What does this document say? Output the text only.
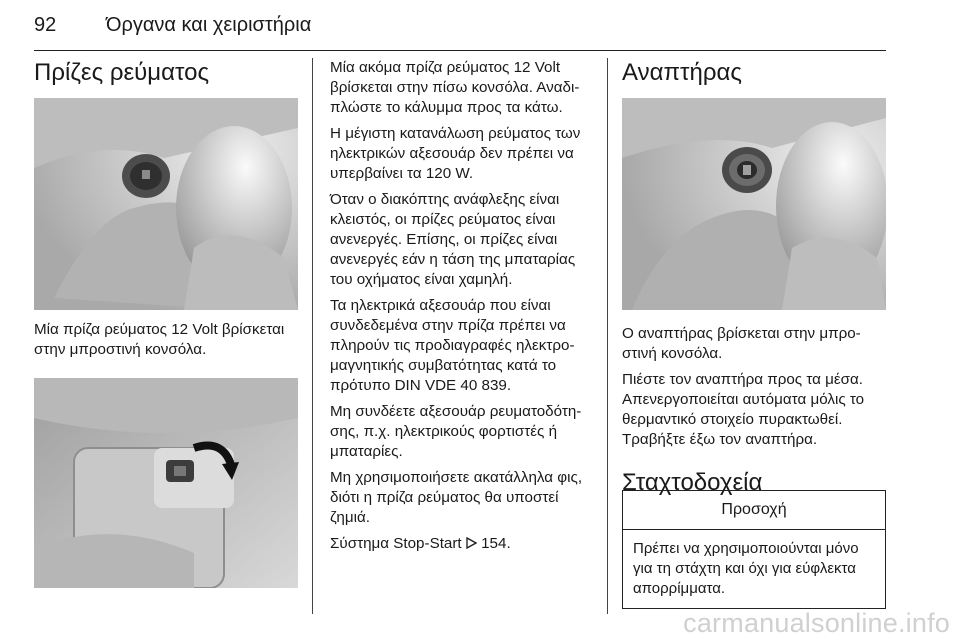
92 Όργανα και χειριστήρια
Πρίζες ρεύματος

Μία πρίζα ρεύματος 12 Volt βρίσκεται στην μπροστινή κονσόλα.

Μία ακόμα πρίζα ρεύματος 12 Volt βρίσκεται στην πίσω κονσόλα. Αναδι-πλώστε το κάλυμμα προς τα κάτω.

Η μέγιστη κατανάλωση ρεύματος των ηλεκτρικών αξεσουάρ δεν πρέπει να υπερβαίνει τα 120 W.

Όταν ο διακόπτης ανάφλεξης είναι κλειστός, οι πρίζες ρεύματος είναι ανενεργές. Επίσης, οι πρίζες είναι ανενεργές εάν η τάση της μπαταρίας του οχήματος είναι χαμηλή.

Τα ηλεκτρικά αξεσουάρ που είναι συνδεδεμένα στην πρίζα πρέπει να πληρούν τις προδιαγραφές ηλεκτρο-μαγνητικής συμβατότητας κατά το πρότυπο DIN VDE 40 839.

Μη συνδέετε αξεσουάρ ρευματοδότη-σης, π.χ. ηλεκτρικούς φορτιστές ή μπαταρίες.

Μη χρησιμοποιήσετε ακατάλληλα φις, διότι η πρίζα ρεύματος θα υποστεί ζημιά.

Σύστημα Stop-Start 154.

Αναπτήρας

Ο αναπτήρας βρίσκεται στην μπρο-στινή κονσόλα.

Πιέστε τον αναπτήρα προς τα μέσα. Απενεργοποιείται αυτόματα μόλις το θερμαντικό στοιχείο πυρακτωθεί. Τραβήξτε έξω τον αναπτήρα.

Σταχτοδοχεία
Προσοχή
Πρέπει να χρησιμοποιούνται μόνο για τη στάχτη και όχι για εύφλεκτα απορρίμματα.
carmanualsonline.info
